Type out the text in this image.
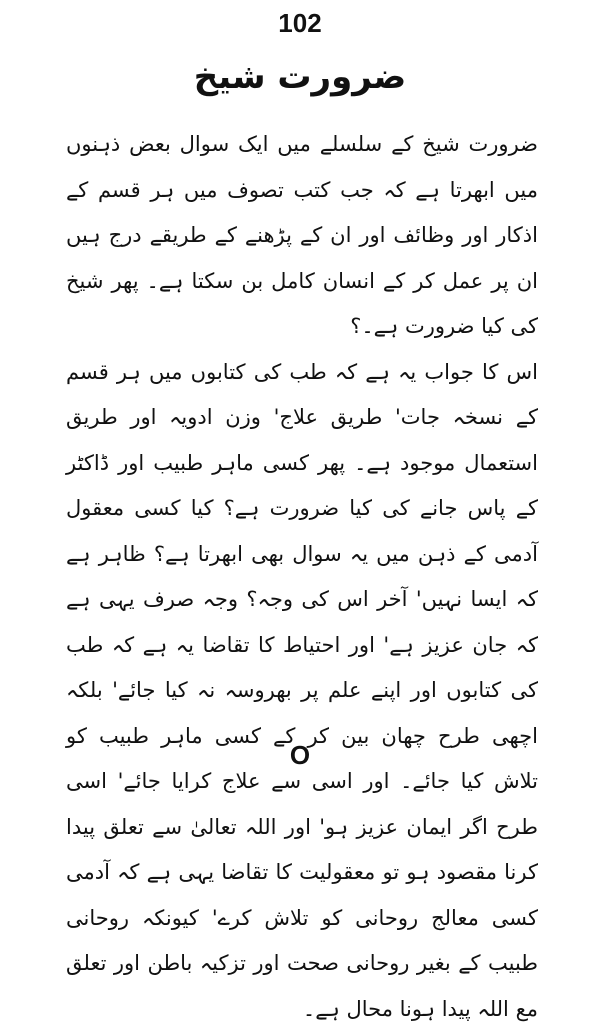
102
ضرورت شیخ

ضرورت شیخ کے سلسلے میں ایک سوال بعض ذہنوں میں ابھرتا ہے کہ جب کتب تصوف میں ہر قسم کے اذکار اور وظائف اور ان کے پڑھنے کے طریقے درج ہیں ان پر عمل کر کے انسان کامل بن سکتا ہے۔ پھر شیخ کی کیا ضرورت ہے۔؟

اس کا جواب یہ ہے کہ طب کی کتابوں میں ہر قسم کے نسخہ جات' طریق علاج' وزن ادویہ اور طریق استعمال موجود ہے۔ پھر کسی ماہر طبیب اور ڈاکٹر کے پاس جانے کی کیا ضرورت ہے؟ کیا کسی معقول آدمی کے ذہن میں یہ سوال بھی ابھرتا ہے؟ ظاہر ہے کہ ایسا نہیں' آخر اس کی وجہ؟ وجہ صرف یہی ہے کہ جان عزیز ہے' اور احتیاط کا تقاضا یہ ہے کہ طب کی کتابوں اور اپنے علم پر بھروسہ نہ کیا جائے' بلکہ اچھی طرح چھان بین کر کے کسی ماہر طبیب کو تلاش کیا جائے۔ اور اسی سے علاج کرایا جائے' اسی طرح اگر ایمان عزیز ہو' اور اللہ تعالیٰ سے تعلق پیدا کرنا مقصود ہو تو معقولیت کا تقاضا یہی ہے کہ آدمی کسی معالج روحانی کو تلاش کرے' کیونکہ روحانی طبیب کے بغیر روحانی صحت اور تزکیہ باطن اور تعلق مع اللہ پیدا ہونا محال ہے۔

O
